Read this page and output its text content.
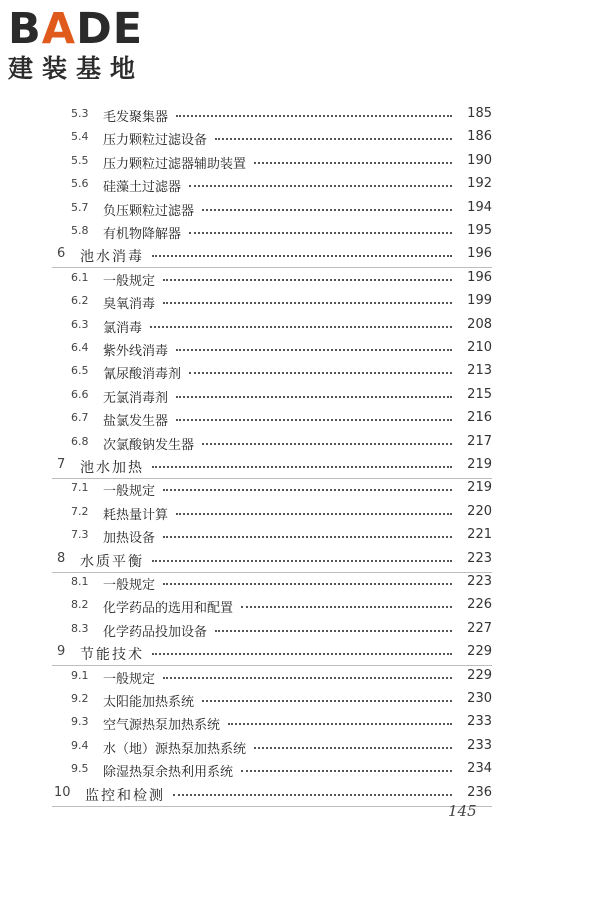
BADE
建装基地
5.3 毛发聚集器	185
5.4 压力颗粒过滤设备	186
5.5 压力颗粒过滤器辅助装置	190
5.6 硅藻土过滤器	192
5.7 负压颗粒过滤器	194
5.8 有机物降解器	195
6 池水消毒	196
6.1 一般规定	196
6.2 臭氧消毒	199
6.3 氯消毒	208
6.4 紫外线消毒	210
6.5 氰尿酸消毒剂	213
6.6 无氯消毒剂	215
6.7 盐氯发生器	216
6.8 次氯酸钠发生器	217
7 池水加热	219
7.1 一般规定	219
7.2 耗热量计算	220
7.3 加热设备	221
8 水质平衡	223
8.1 一般规定	223
8.2 化学药品的选用和配置	226
8.3 化学药品投加设备	227
9 节能技术	229
9.1 一般规定	229
9.2 太阳能加热系统	230
9.3 空气源热泵加热系统	233
9.4 水（地）源热泵加热系统	233
9.5 除湿热泵余热利用系统	234
10 监控和检测	236
145
